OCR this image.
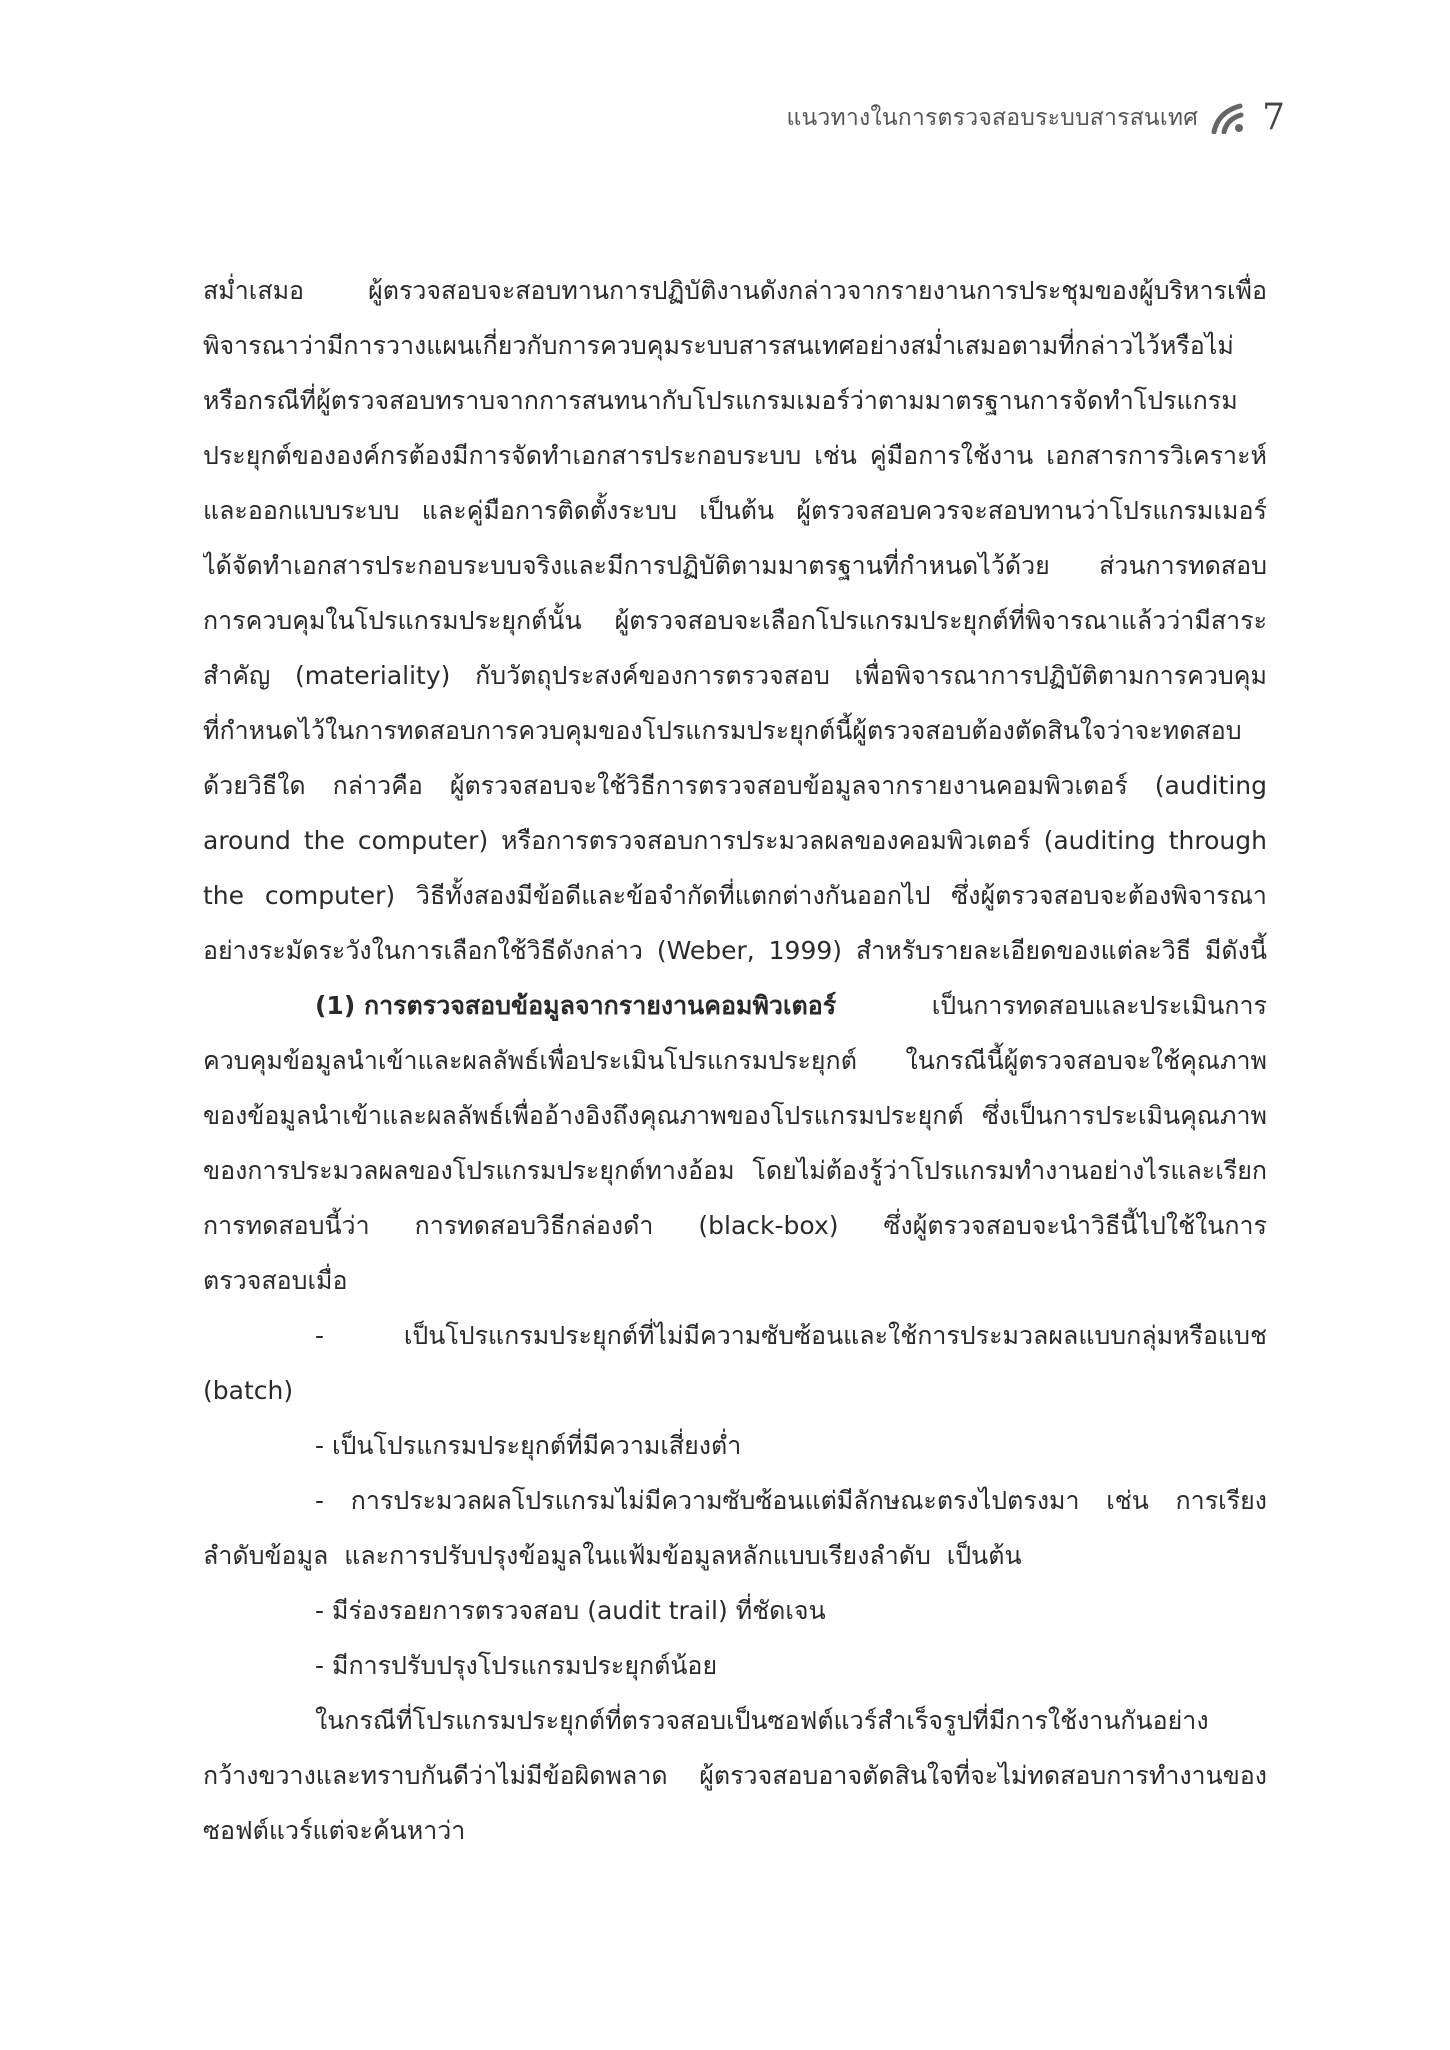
แนวทางในการตรวจสอบระบบสารสนเทศ 7
สม่ำเสมอ	ผู้ตรวจสอบจะสอบทานการปฏิบัติงานดังกล่าวจากรายงานการประชุมของผู้บริหารเพื่อ
พิจารณาว่ามีการวางแผนเกี่ยวกับการควบคุมระบบสารสนเทศอย่างสม่ำเสมอตามที่กล่าวไว้หรือไม่
หรือกรณีที่ผู้ตรวจสอบทราบจากการสนทนากับโปรแกรมเมอร์ว่าตามมาตรฐานการจัดทำโปรแกรม
ประยุกต์ขององค์กรต้องมีการจัดทำเอกสารประกอบระบบ เช่น คู่มือการใช้งาน เอกสารการวิเคราะห์
และออกแบบระบบ และคู่มือการติดตั้งระบบ เป็นต้น ผู้ตรวจสอบควรจะสอบทานว่าโปรแกรมเมอร์
ได้จัดทำเอกสารประกอบระบบจริงและมีการปฏิบัติตามมาตรฐานที่กำหนดไว้ด้วย ส่วนการทดสอบ
การควบคุมในโปรแกรมประยุกต์นั้น ผู้ตรวจสอบจะเลือกโปรแกรมประยุกต์ที่พิจารณาแล้วว่ามีสาระ
สำคัญ (materiality) กับวัตถุประสงค์ของการตรวจสอบ เพื่อพิจารณาการปฏิบัติตามการควบคุม
ที่กำหนดไว้ในการทดสอบการควบคุมของโปรแกรมประยุกต์นี้ผู้ตรวจสอบต้องตัดสินใจว่าจะทดสอบ
ด้วยวิธีใด กล่าวคือ ผู้ตรวจสอบจะใช้วิธีการตรวจสอบข้อมูลจากรายงานคอมพิวเตอร์ (auditing
around the computer) หรือการตรวจสอบการประมวลผลของคอมพิวเตอร์ (auditing through
the computer) วิธีทั้งสองมีข้อดีและข้อจำกัดที่แตกต่างกันออกไป ซึ่งผู้ตรวจสอบจะต้องพิจารณา
อย่างระมัดระวังในการเลือกใช้วิธีดังกล่าว (Weber, 1999) สำหรับรายละเอียดของแต่ละวิธี มีดังนี้
(1) การตรวจสอบข้อมูลจากรายงานคอมพิวเตอร์	เป็นการทดสอบและประเมินการ
ควบคุมข้อมูลนำเข้าและผลลัพธ์เพื่อประเมินโปรแกรมประยุกต์ ในกรณีนี้ผู้ตรวจสอบจะใช้คุณภาพ
ของข้อมูลนำเข้าและผลลัพธ์เพื่ออ้างอิงถึงคุณภาพของโปรแกรมประยุกต์ ซึ่งเป็นการประเมินคุณภาพ
ของการประมวลผลของโปรแกรมประยุกต์ทางอ้อม โดยไม่ต้องรู้ว่าโปรแกรมทำงานอย่างไรและเรียก
การทดสอบนี้ว่า การทดสอบวิธีกล่องดำ (black-box) ซึ่งผู้ตรวจสอบจะนำวิธีนี้ไปใช้ในการ
ตรวจสอบเมื่อ
-	เป็นโปรแกรมประยุกต์ที่ไม่มีความซับซ้อนและใช้การประมวลผลแบบกลุ่มหรือแบช
(batch)
- เป็นโปรแกรมประยุกต์ที่มีความเสี่ยงต่ำ
- การประมวลผลโปรแกรมไม่มีความซับซ้อนแต่มีลักษณะตรงไปตรงมา เช่น การเรียง
ลำดับข้อมูล  และการปรับปรุงข้อมูลในแฟ้มข้อมูลหลักแบบเรียงลำดับ  เป็นต้น
- มีร่องรอยการตรวจสอบ (audit trail) ที่ชัดเจน
- มีการปรับปรุงโปรแกรมประยุกต์น้อย
ในกรณีที่โปรแกรมประยุกต์ที่ตรวจสอบเป็นซอฟต์แวร์สำเร็จรูปที่มีการใช้งานกันอย่าง
กว้างขวางและทราบกันดีว่าไม่มีข้อผิดพลาด ผู้ตรวจสอบอาจตัดสินใจที่จะไม่ทดสอบการทำงานของ
ซอฟต์แวร์แต่จะค้นหาว่า
